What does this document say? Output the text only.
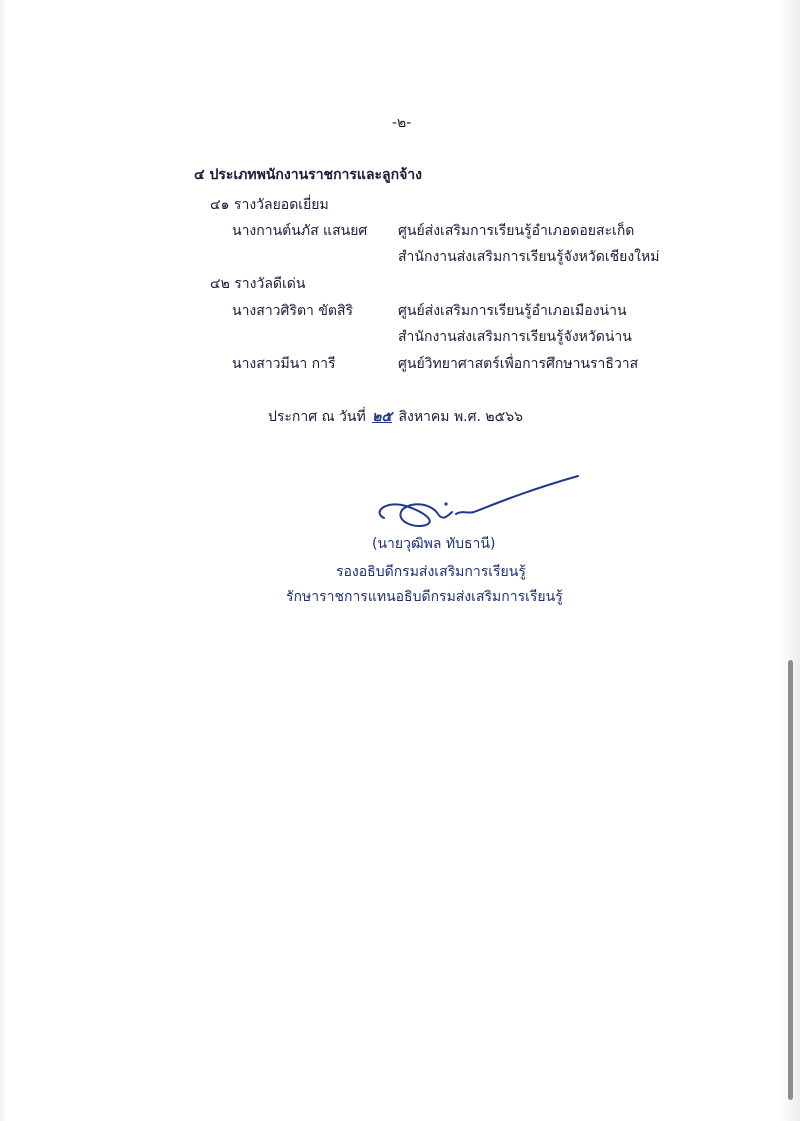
-๒-
๔ ประเภทพนักงานราชการและลูกจ้าง
๔๑ รางวัลยอดเยี่ยม
นางกานต์นภัส แสนยศ ศูนย์ส่งเสริมการเรียนรู้อำเภอดอยสะเก็ด
สำนักงานส่งเสริมการเรียนรู้จังหวัดเชียงใหม่
๔๒ รางวัลดีเด่น
นางสาวศิริตา ขัตสิริ	ศูนย์ส่งเสริมการเรียนรู้อำเภอเมืองน่าน
สำนักงานส่งเสริมการเรียนรู้จังหวัดน่าน
นางสาวมีนา การี	ศูนย์วิทยาศาสตร์เพื่อการศึกษานราธิวาส
ประกาศ ณ วันที่ ๒๕ สิงหาคม พ.ศ. ๒๕๖๖
(นายวุฒิพล ทับธานี)
รองอธิบดีกรมส่งเสริมการเรียนรู้
รักษาราชการแทนอธิบดีกรมส่งเสริมการเรียนรู้
